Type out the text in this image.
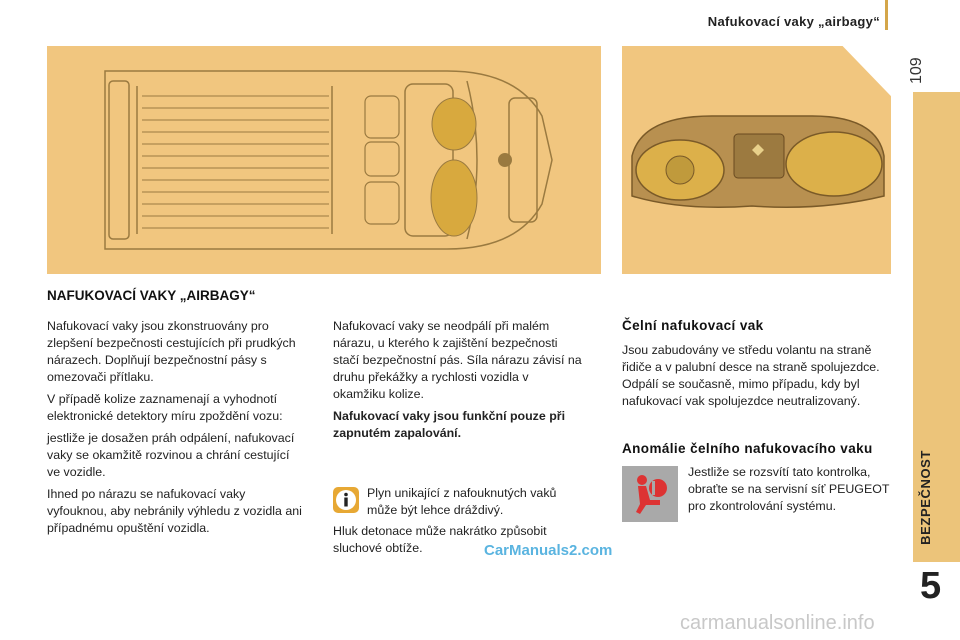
Nafukovací vaky „airbagy“
109
BEZPEČNOST
5
NAFUKOVACÍ VAKY „AIRBAGY“

Nafukovací vaky jsou zkonstruovány pro zlepšení bezpečnosti cestujících při prudkých nárazech. Doplňují bezpečnostní pásy s omezovači přítlaku.

V případě kolize zaznamenají a vyhodnotí elektronické detektory míru zpoždění vozu:

jestliže je dosažen práh odpálení, nafukovací vaky se okamžitě rozvinou a chrání cestující ve vozidle.

Ihned po nárazu se nafukovací vaky vyfouknou, aby nebránily výhledu z vozidla ani případnému opuštění vozidla.

Nafukovací vaky se neodpálí při malém nárazu, u kterého k zajištění bezpečnosti stačí bezpečnostní pás. Síla nárazu závisí na druhu překážky a rychlosti vozidla v okamžiku kolize.

Nafukovací vaky jsou funkční pouze při zapnutém zapalování.

Plyn unikající z nafouknutých vaků může být lehce dráždivý.
Hluk detonace může nakrátko způsobit sluchové obtíže.
Čelní nafukovací vak
Jsou zabudovány ve středu volantu na straně řidiče a v palubní desce na straně spolujezdce. Odpálí se současně, mimo případu, kdy byl nafukovací vak spolujezdce neutralizovaný.
Anomálie čelního nafukovacího vaku
Jestliže se rozsvítí tato kontrolka, obraťte se na servisní síť PEUGEOT pro zkontrolování systému.
CarManuals2.com
carmanualsonline.info
